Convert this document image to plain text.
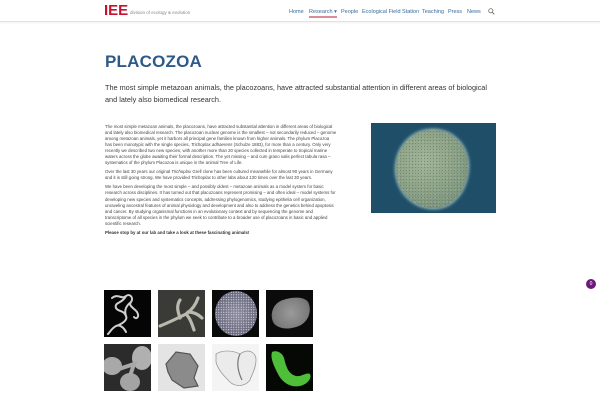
IEE division of ecology & evolution	Home Research ▾ People Ecological Field Station Teaching Press News
PLACOZOA
The most simple metazoan animals, the placozoans, have attracted substantial attention in different areas of biological and lately also biomedical research.

The most simple metazoan animals, the placozoans, have attracted substantial attention in different areas of biological and lately also biomedical research. The placozoan nuclear genome is the smallest – not secondarily reduced – genome among metazoan animals, yet it harbors all principal gene families known from higher animals. The phylum Placozoa has been monotypic with the single species, Trichoplax adhaerens (Schulze 1883), for more than a century. Only very recently we described two new species, with another more than 20 species collected in temperate to tropical marine waters across the globe awaiting their formal description. The yet missing – and cum grano salis perfect tabula rasa – systematics of the phylum Placozoa is unique in the animal Tree of Life.

Over the last 30 years our original Trichoplax Grell clone has been cultured meanwhile for almost 90 years in Germany and it is still going strong. We have provided Trichoplax to other labs about 130 times over the last 30 years.

We have been developing the most simple – and possibly oldest – metazoan animals as a model system for basic research across disciplines. It has turned out that placozoans represent promising – and often ideal – model systems for developing new species and systematics concepts, addressing phylogenomics, studying epithelia cell organization, unraveling ancestral features of animal physiology and development and also to address the genetics behind apoptosis and cancer. By studying organismal functions in an evolutionary context and by sequencing the genome and transcriptome of all species in the phylum we seek to contribute to a broader use of placozoans in basic and applied scientific research.

Please stop by at our lab and take a look at these fascinating animals!

0
